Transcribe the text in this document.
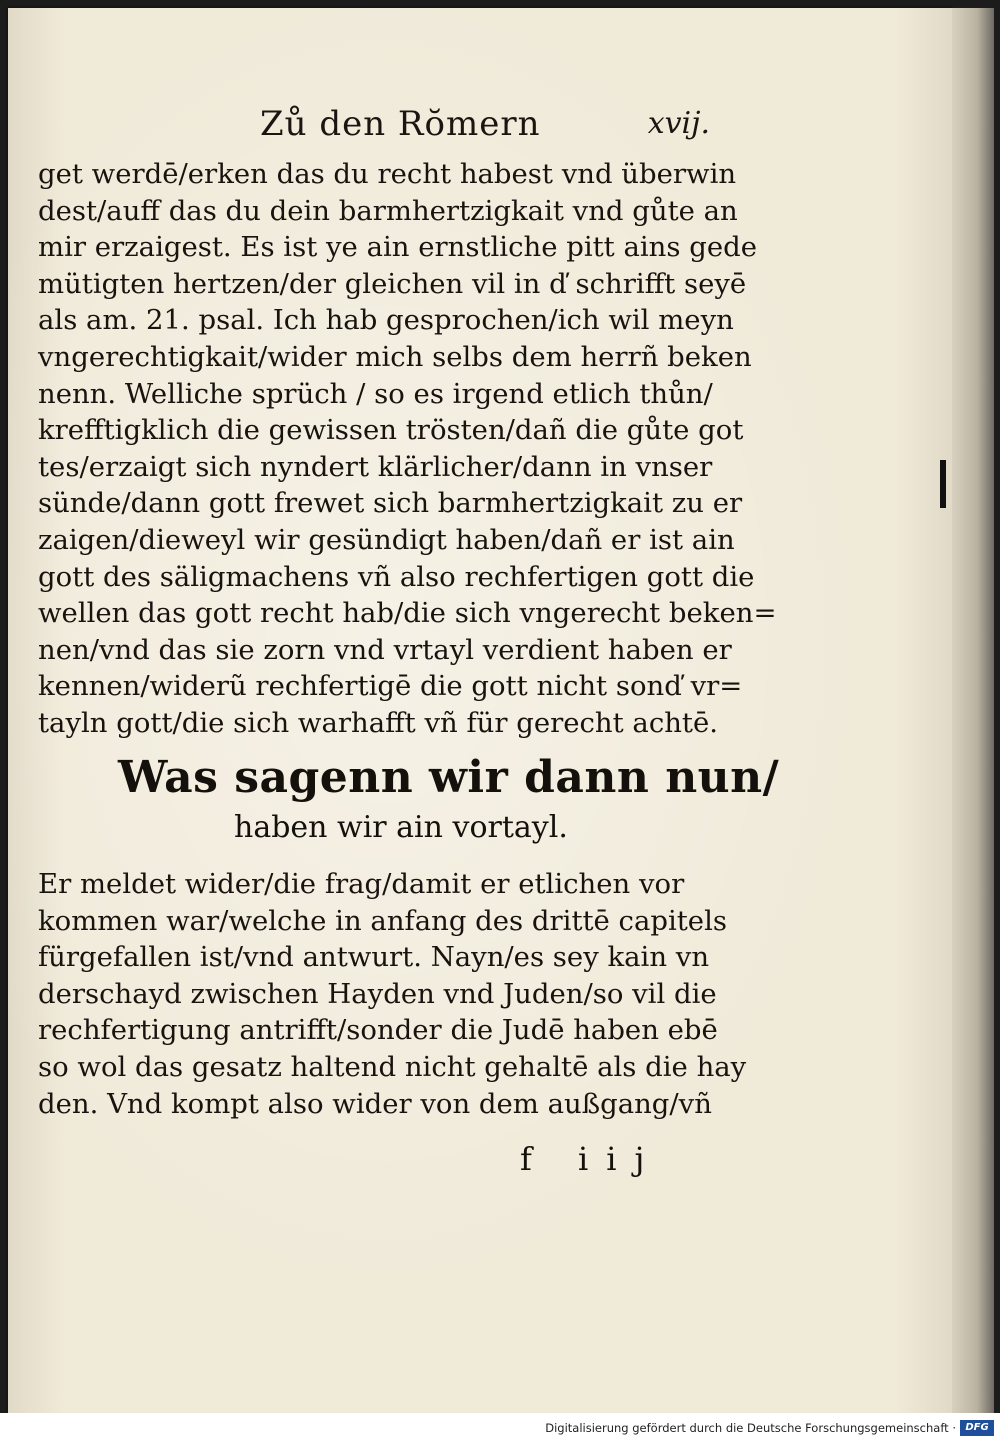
Zů den Rŏmern	xvij.
get werdē/erken das du recht habest vnd überwin
dest/auff das du dein barmhertzigkait vnd gůte an
mir erzaigest. Es ist ye ain ernstliche pitt ains gede
mütigten hertzen/der gleichen vil in ď schrifft seyē
als am. 21. psal. Ich hab gesprochen/ich wil meyn
vngerechtigkait/wider mich selbs dem herrñ beken
nenn. Welliche sprüch / so es irgend etlich thůn/
krefftigklich die gewissen trösten/dañ die gůte got
tes/erzaigt sich nyndert klärlicher/dann in vnser
sünde/dann gott frewet sich barmhertzigkait zu er
zaigen/dieweyl wir gesündigt haben/dañ er ist ain
gott des säligmachens vñ also rechfertigen gott die
wellen das gott recht hab/die sich vngerecht beken=
nen/vnd das sie zorn vnd vrtayl verdient haben er
kennen/widerũ rechfertigē die gott nicht sonď vr=
tayln gott/die sich warhafft vñ für gerecht achtē.
Was sagenn wir dann nun/
haben wir ain vortayl.
Er meldet wider/die frag/damit er etlichen vor
kommen war/welche in anfang des drittē capitels
fürgefallen ist/vnd antwurt. Nayn/es sey kain vn
derschayd zwischen Hayden vnd Juden/so vil die
rechfertigung antrifft/sonder die Judē haben ebē
so wol das gesatz haltend nicht gehaltē als die hay
den. Vnd kompt also wider von dem außgang/vñ
f iij
Digitalisierung gefördert durch die Deutsche Forschungsgemeinschaft · DFG
